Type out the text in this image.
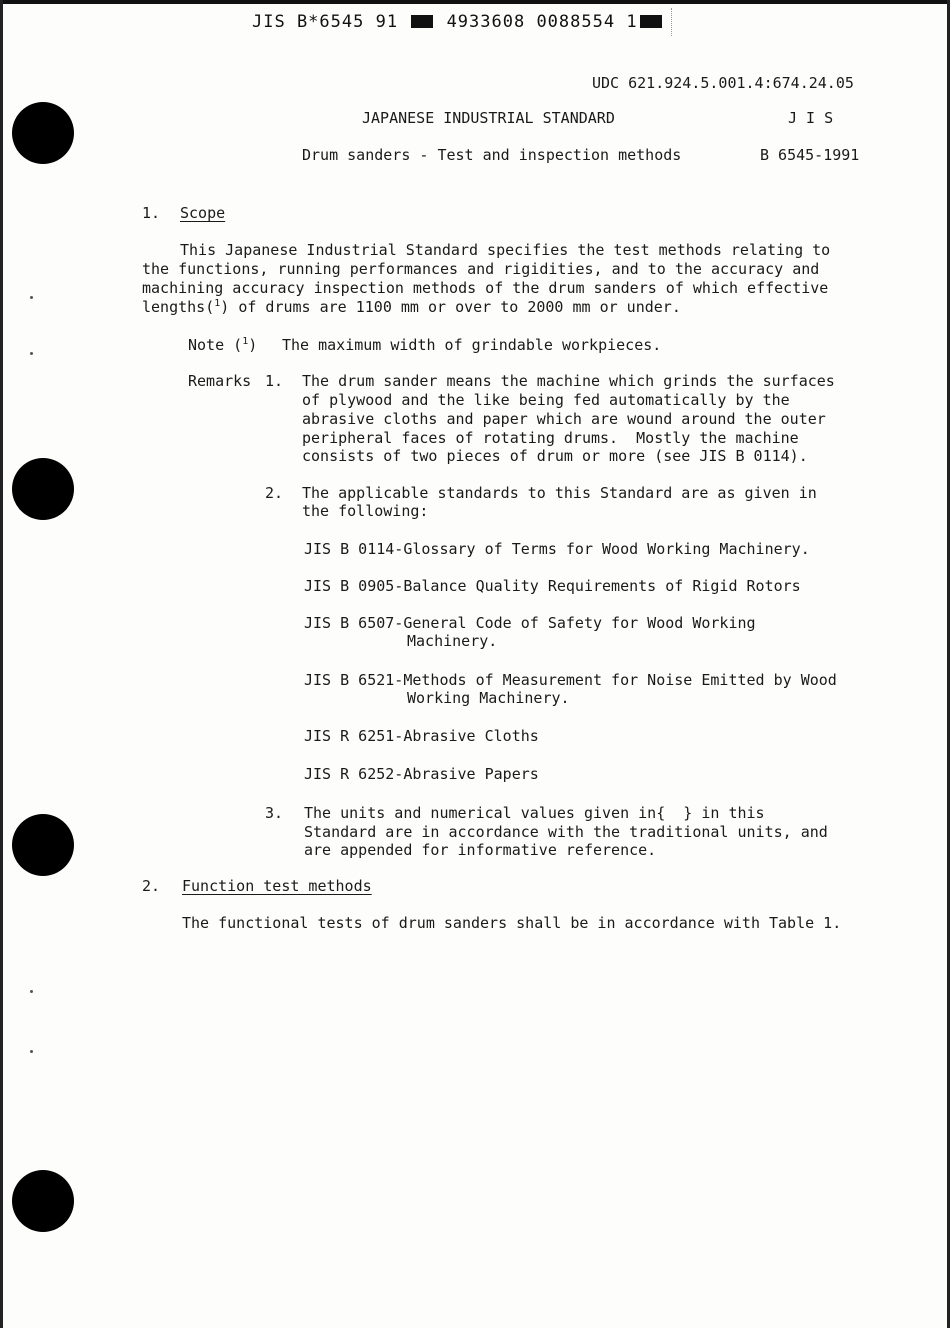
JIS B*6545 91	4933608 0088554 1
UDC 621.924.5.001.4:674.24.05
JAPANESE INDUSTRIAL STANDARD	J I S
Drum sanders - Test and inspection methods	B 6545-1991
1. Scope
This Japanese Industrial Standard specifies the test methods relating to
the functions, running performances and rigidities, and to the accuracy and
machining accuracy inspection methods of the drum sanders of which effective
lengths($^1$) of drums are 1100 mm or over to 2000 mm or under.
Note ($^1$) The maximum width of grindable workpieces.
Remarks 1. The drum sander means the machine which grinds the surfaces
of plywood and the like being fed automatically by the
abrasive cloths and paper which are wound around the outer
peripheral faces of rotating drums.  Mostly the machine
consists of two pieces of drum or more (see JIS B 0114).
2. The applicable standards to this Standard are as given in
the following:
JIS B 0114-Glossary of Terms for Wood Working Machinery.
JIS B 0905-Balance Quality Requirements of Rigid Rotors
JIS B 6507-General Code of Safety for Wood Working
Machinery.
JIS B 6521-Methods of Measurement for Noise Emitted by Wood
Working Machinery.
JIS R 6251-Abrasive Cloths
JIS R 6252-Abrasive Papers
3. The units and numerical values given in{  } in this
Standard are in accordance with the traditional units, and
are appended for informative reference.
2. Function test methods
The functional tests of drum sanders shall be in accordance with Table 1.
